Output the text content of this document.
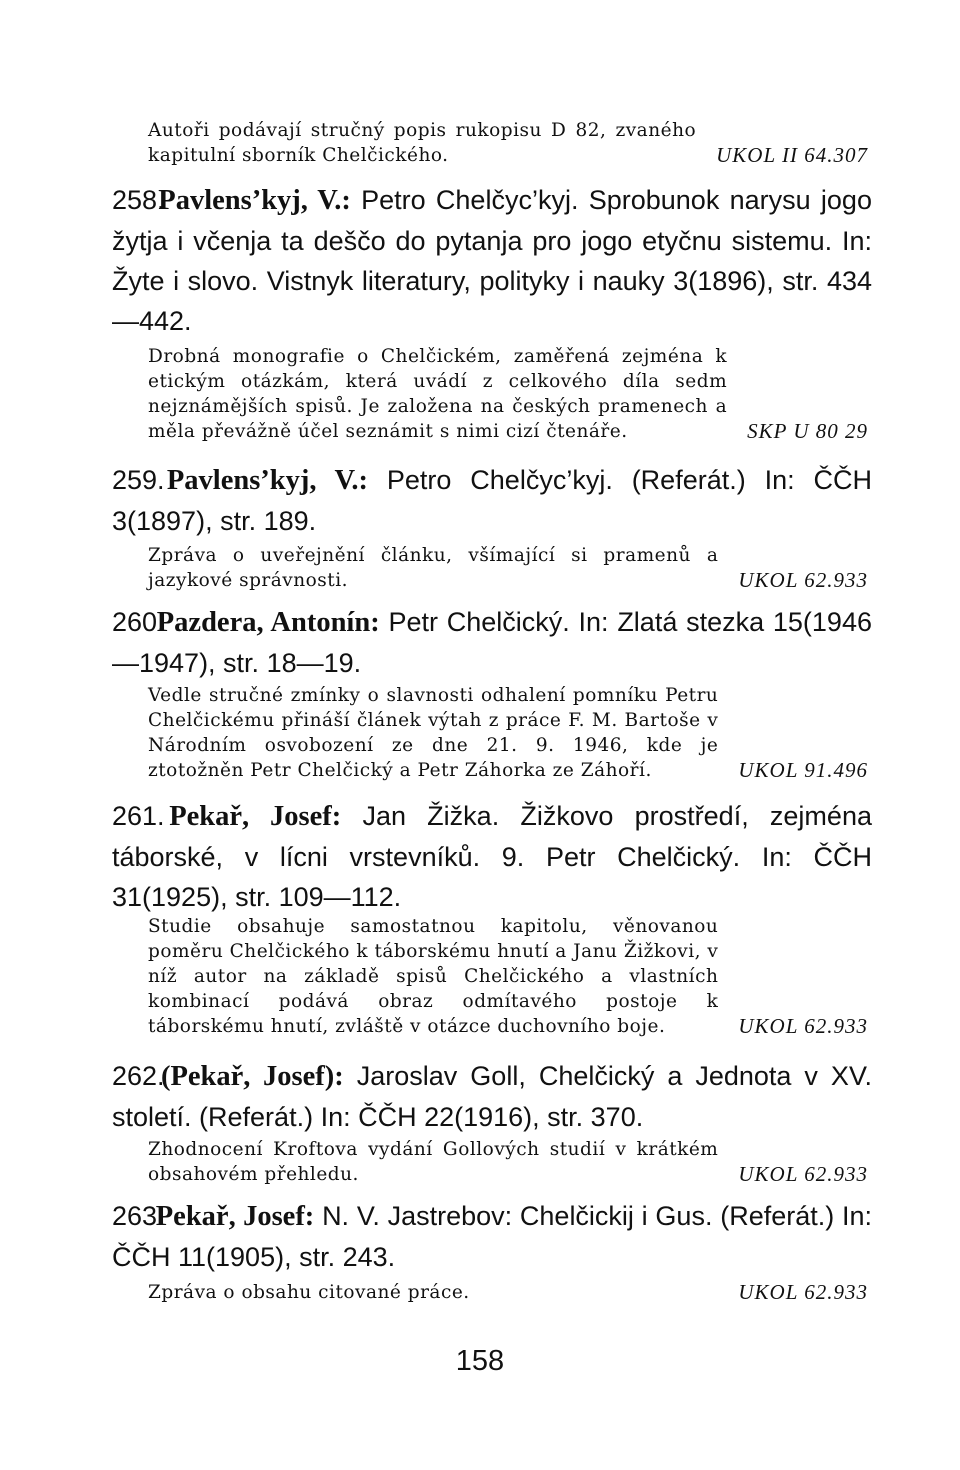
UKOL II 64.307
Autoři podávají stručný popis rukopisu D 82, zvaného kapitulní sborník Chelčického.
258. Pavlens’kyj, V.: Petro Chelčyc’kyj. Sprobunok narysu jogo žytja i včenja ta deščo do pytanja pro jogo etyčnu sistemu. In: Žyte i slovo. Vistnyk literatury, polityky i nauky 3(1896), str. 434—442.
SKP U 80 29
Drobná monografie o Chelčickém, zaměřená zejména k etickým otázkám, která uvádí z celkového díla sedm nejznámějších spisů. Je založena na českých pramenech a měla převážně účel seznámit s nimi cizí čtenáře.
259. Pavlens’kyj, V.: Petro Chelčyc’kyj. (Referát.) In: ČČH 3(1897), str. 189.
UKOL 62.933
Zpráva o uveřejnění článku, všímající si pramenů a jazykové správnosti.
260. Pazdera, Antonín: Petr Chelčický. In: Zlatá stezka 15(1946—1947), str. 18—19.
UKOL 91.496
Vedle stručné zmínky o slavnosti odhalení pomníku Petru Chelčickému přináší článek výtah z práce F. M. Bartoše v Národním osvobození ze dne 21. 9. 1946, kde je ztotožněn Petr Chelčický a Petr Záhorka ze Záhoří.
261. Pekař, Josef: Jan Žižka. Žižkovo prostředí, zejména táborské, v lícni vrstevníků. 9. Petr Chelčický. In: ČČH 31(1925), str. 109—112.
UKOL 62.933
Studie obsahuje samostatnou kapitolu, věnovanou poměru Chelčického k táborskému hnutí a Janu Žižkovi, v níž autor na základě spisů Chelčického a vlastních kombinací podává obraz odmítavého postoje k táborskému hnutí, zvláště v otázce duchovního boje.
262. (Pekař, Josef): Jaroslav Goll, Chelčický a Jednota v XV. století. (Referát.) In: ČČH 22(1916), str. 370.
UKOL 62.933
Zhodnocení Kroftova vydání Gollových studií v krátkém obsahovém přehledu.
263. Pekař, Josef: N. V. Jastrebov: Chelčickij i Gus. (Referát.) In: ČČH 11(1905), str. 243.
UKOL 62.933
Zpráva o obsahu citované práce.
158
